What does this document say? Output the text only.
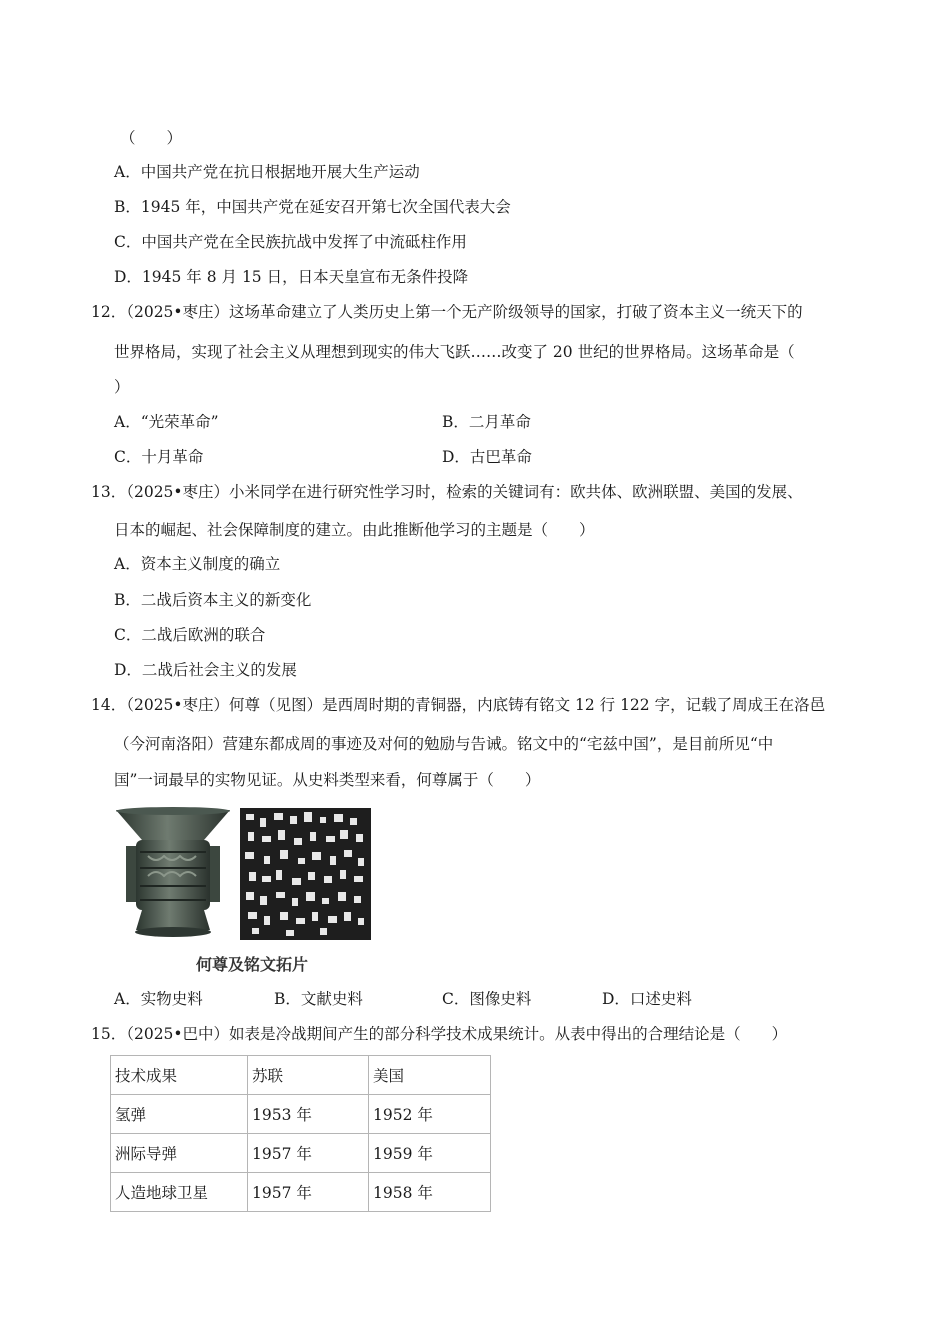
（　　）
A．中国共产党在抗日根据地开展大生产运动
B．1945 年，中国共产党在延安召开第七次全国代表大会
C．中国共产党在全民族抗战中发挥了中流砥柱作用
D．1945 年 8 月 15 日，日本天皇宣布无条件投降
12．（2025•枣庄）这场革命建立了人类历史上第一个无产阶级领导的国家，打破了资本主义一统天下的
世界格局，实现了社会主义从理想到现实的伟大飞跃……改变了 20 世纪的世界格局。这场革命是（
）
A．“光荣革命”	B．二月革命
C．十月革命	D．古巴革命
13．（2025•枣庄）小米同学在进行研究性学习时，检索的关键词有：欧共体、欧洲联盟、美国的发展、
日本的崛起、社会保障制度的建立。由此推断他学习的主题是（　　）
A．资本主义制度的确立
B．二战后资本主义的新变化
C．二战后欧洲的联合
D．二战后社会主义的发展
14．（2025•枣庄）何尊（见图）是西周时期的青铜器，内底铸有铭文 12 行 122 字，记载了周成王在洛邑
（今河南洛阳）营建东都成周的事迹及对何的勉励与告诫。铭文中的“宅兹中国”，是目前所见“中
国”一词最早的实物见证。从史料类型来看，何尊属于（　　）
何尊及铭文拓片
A．实物史料	B．文献史料	C．图像史料	D．口述史料
15．（2025•巴中）如表是冷战期间产生的部分科学技术成果统计。从表中得出的合理结论是（　　）
技术成果	苏联	美国
氢弹	1953 年	1952 年
洲际导弹	1957 年	1959 年
人造地球卫星	1957 年	1958 年
